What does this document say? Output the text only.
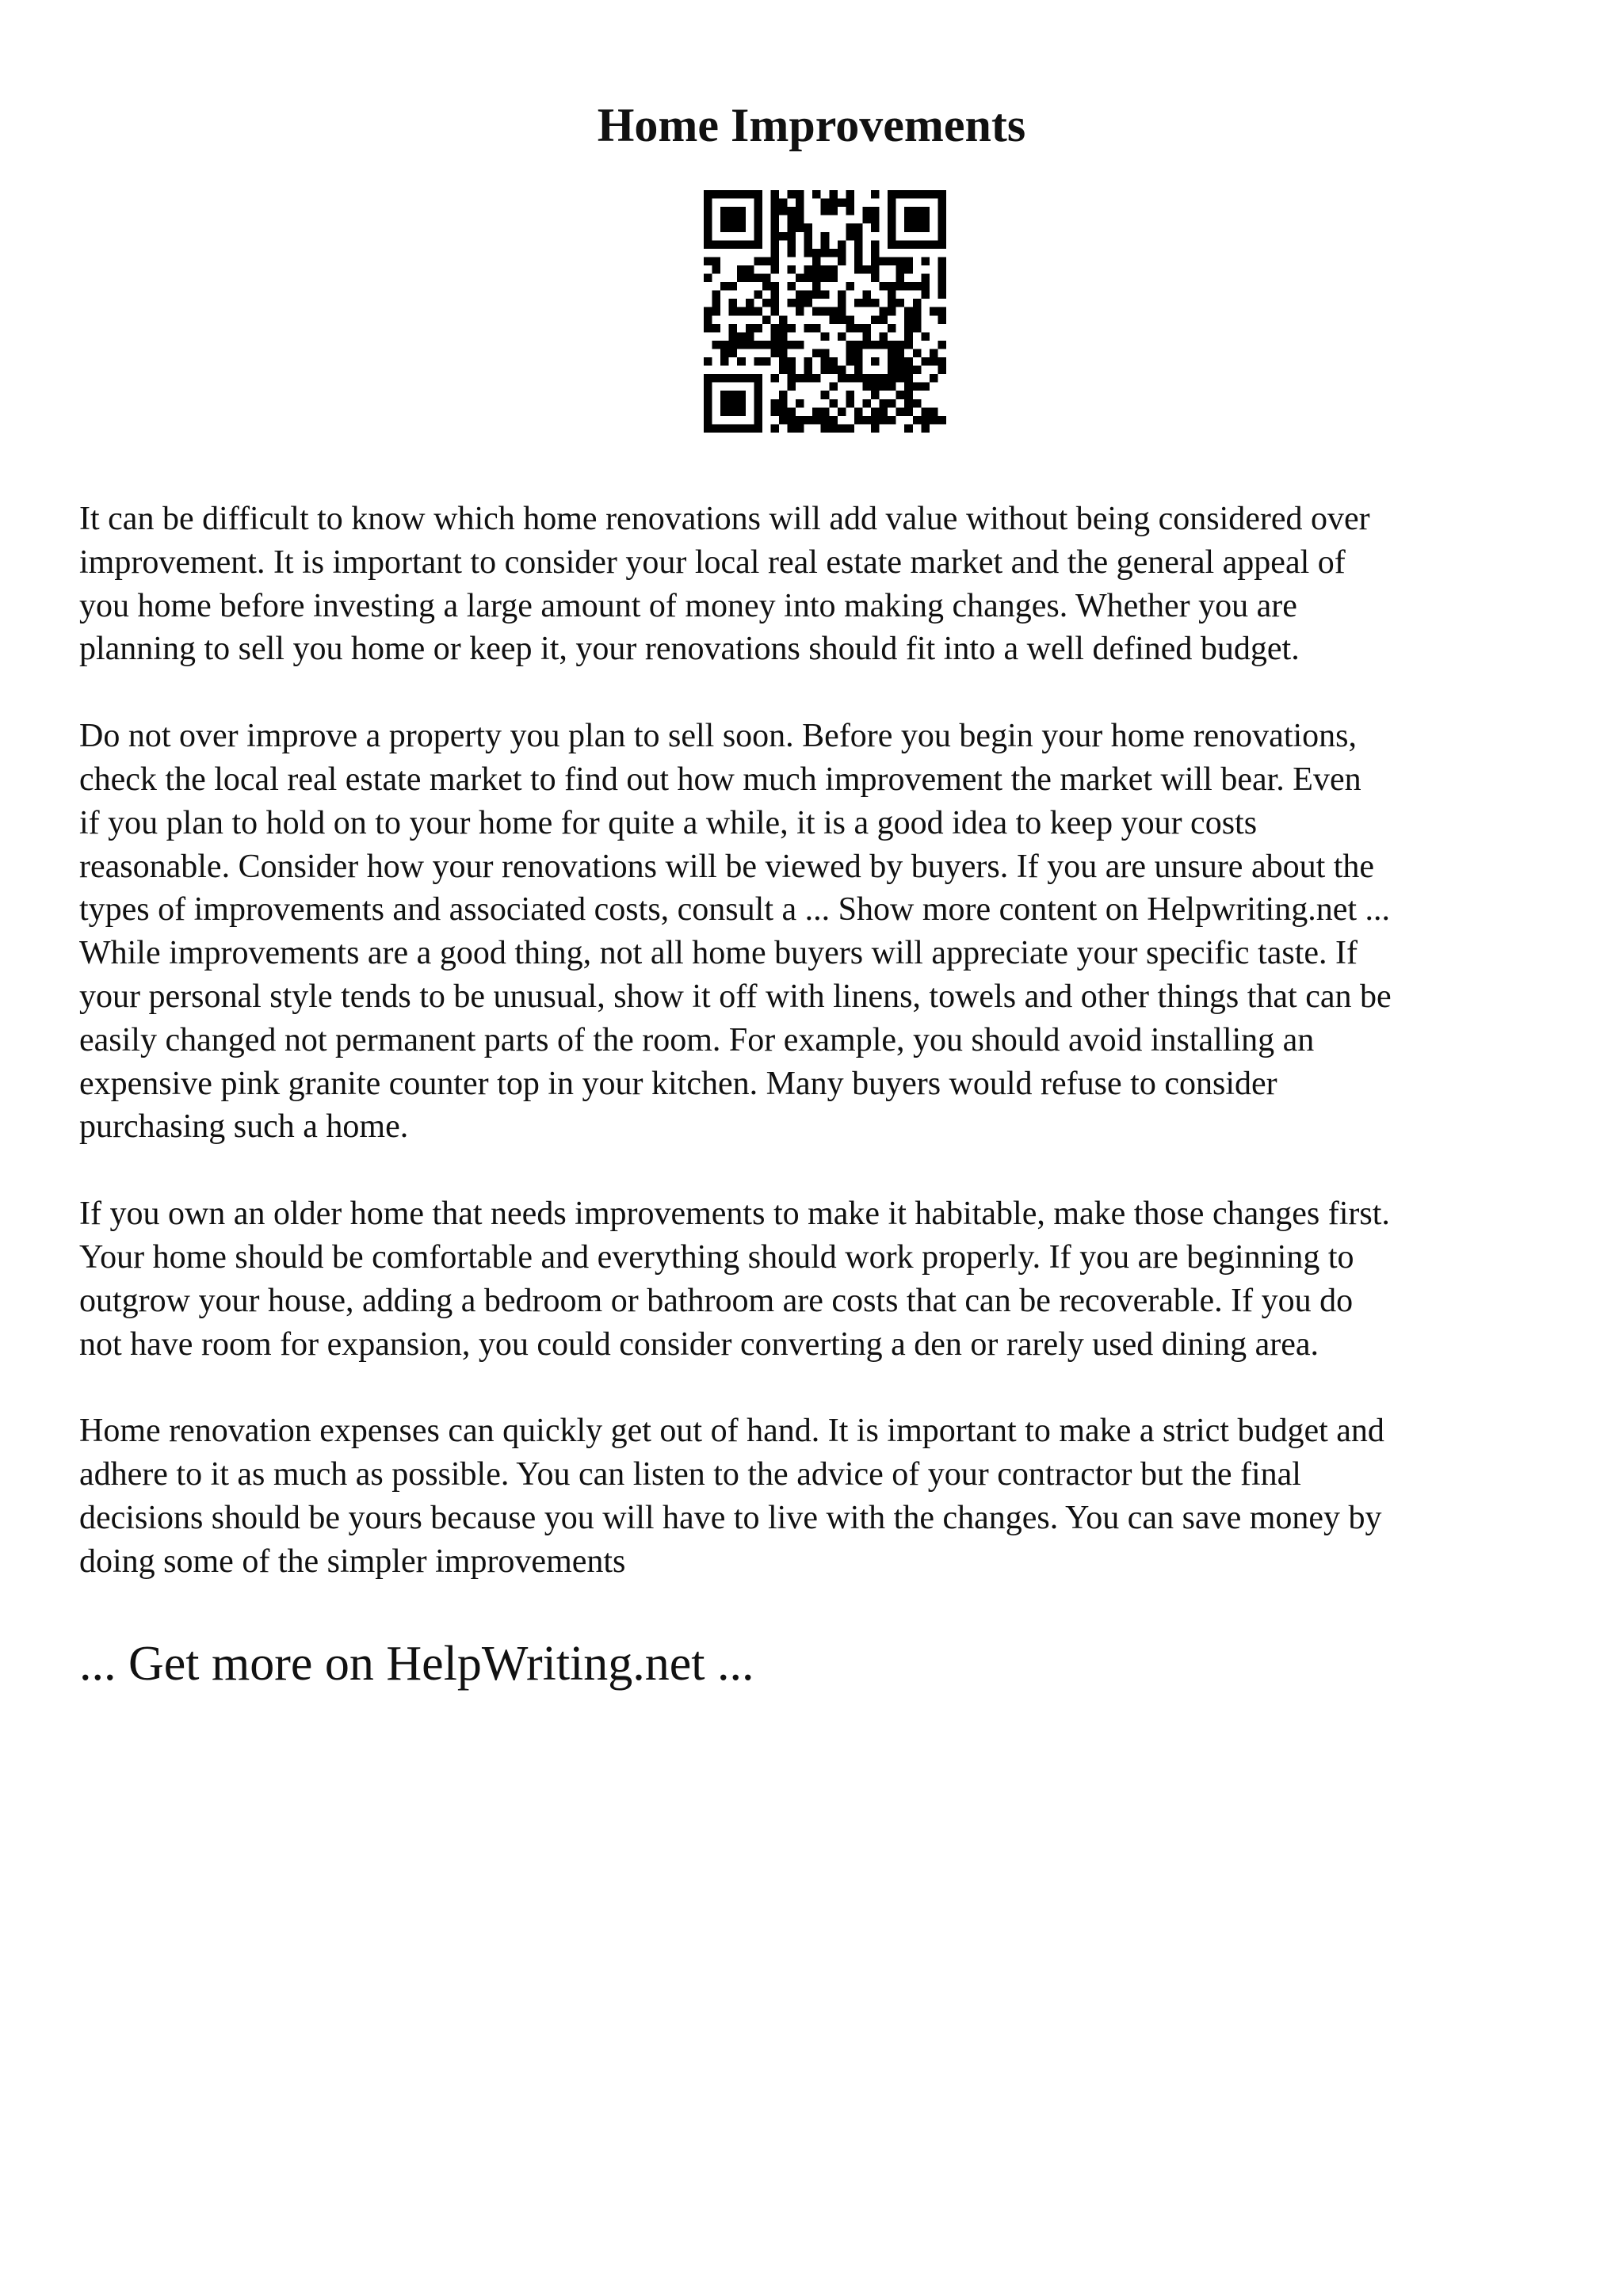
Home Improvements

It can be difficult to know which home renovations will add value without being considered over
improvement. It is important to consider your local real estate market and the general appeal of
you home before investing a large amount of money into making changes. Whether you are
planning to sell you home or keep it, your renovations should fit into a well defined budget.

Do not over improve a property you plan to sell soon. Before you begin your home renovations,
check the local real estate market to find out how much improvement the market will bear. Even
if you plan to hold on to your home for quite a while, it is a good idea to keep your costs
reasonable. Consider how your renovations will be viewed by buyers. If you are unsure about the
types of improvements and associated costs, consult a ... Show more content on Helpwriting.net ...
While improvements are a good thing, not all home buyers will appreciate your specific taste. If
your personal style tends to be unusual, show it off with linens, towels and other things that can be
easily changed not permanent parts of the room. For example, you should avoid installing an
expensive pink granite counter top in your kitchen. Many buyers would refuse to consider
purchasing such a home.

If you own an older home that needs improvements to make it habitable, make those changes first.
Your home should be comfortable and everything should work properly. If you are beginning to
outgrow your house, adding a bedroom or bathroom are costs that can be recoverable. If you do
not have room for expansion, you could consider converting a den or rarely used dining area.

Home renovation expenses can quickly get out of hand. It is important to make a strict budget and
adhere to it as much as possible. You can listen to the advice of your contractor but the final
decisions should be yours because you will have to live with the changes. You can save money by
doing some of the simpler improvements

... Get more on HelpWriting.net ...
